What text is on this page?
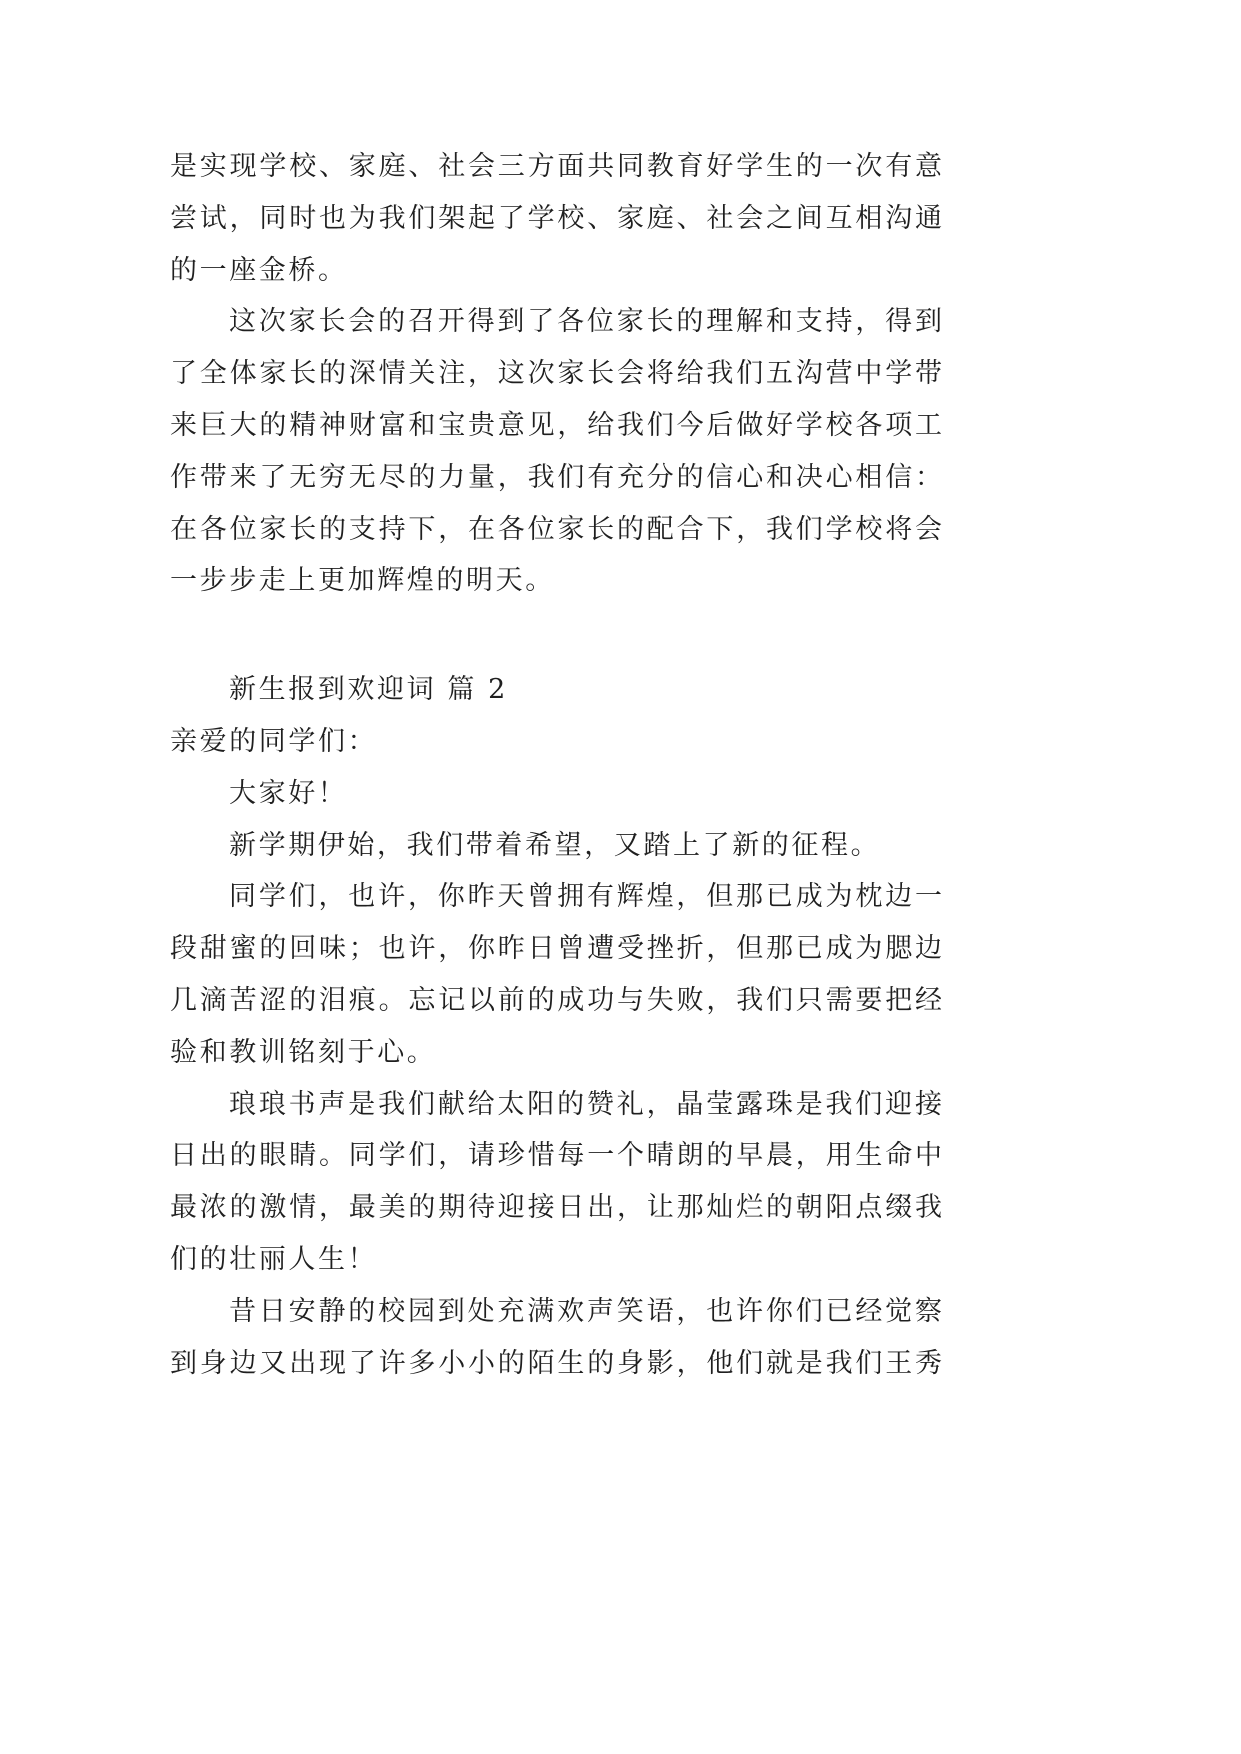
是实现学校、家庭、社会三方面共同教育好学生的一次有意
尝试，同时也为我们架起了学校、家庭、社会之间互相沟通
的一座金桥。
这次家长会的召开得到了各位家长的理解和支持，得到
了全体家长的深情关注，这次家长会将给我们五沟营中学带
来巨大的精神财富和宝贵意见，给我们今后做好学校各项工
作带来了无穷无尽的力量，我们有充分的信心和决心相信：
在各位家长的支持下，在各位家长的配合下，我们学校将会
一步步走上更加辉煌的明天。
新生报到欢迎词 篇 2
亲爱的同学们：
大家好！
新学期伊始，我们带着希望，又踏上了新的征程。
同学们，也许，你昨天曾拥有辉煌，但那已成为枕边一
段甜蜜的回味；也许，你昨日曾遭受挫折，但那已成为腮边
几滴苦涩的泪痕。忘记以前的成功与失败，我们只需要把经
验和教训铭刻于心。
琅琅书声是我们献给太阳的赞礼，晶莹露珠是我们迎接
日出的眼睛。同学们，请珍惜每一个晴朗的早晨，用生命中
最浓的激情，最美的期待迎接日出，让那灿烂的朝阳点缀我
们的壮丽人生！
昔日安静的校园到处充满欢声笑语，也许你们已经觉察
到身边又出现了许多小小的陌生的身影，他们就是我们王秀
